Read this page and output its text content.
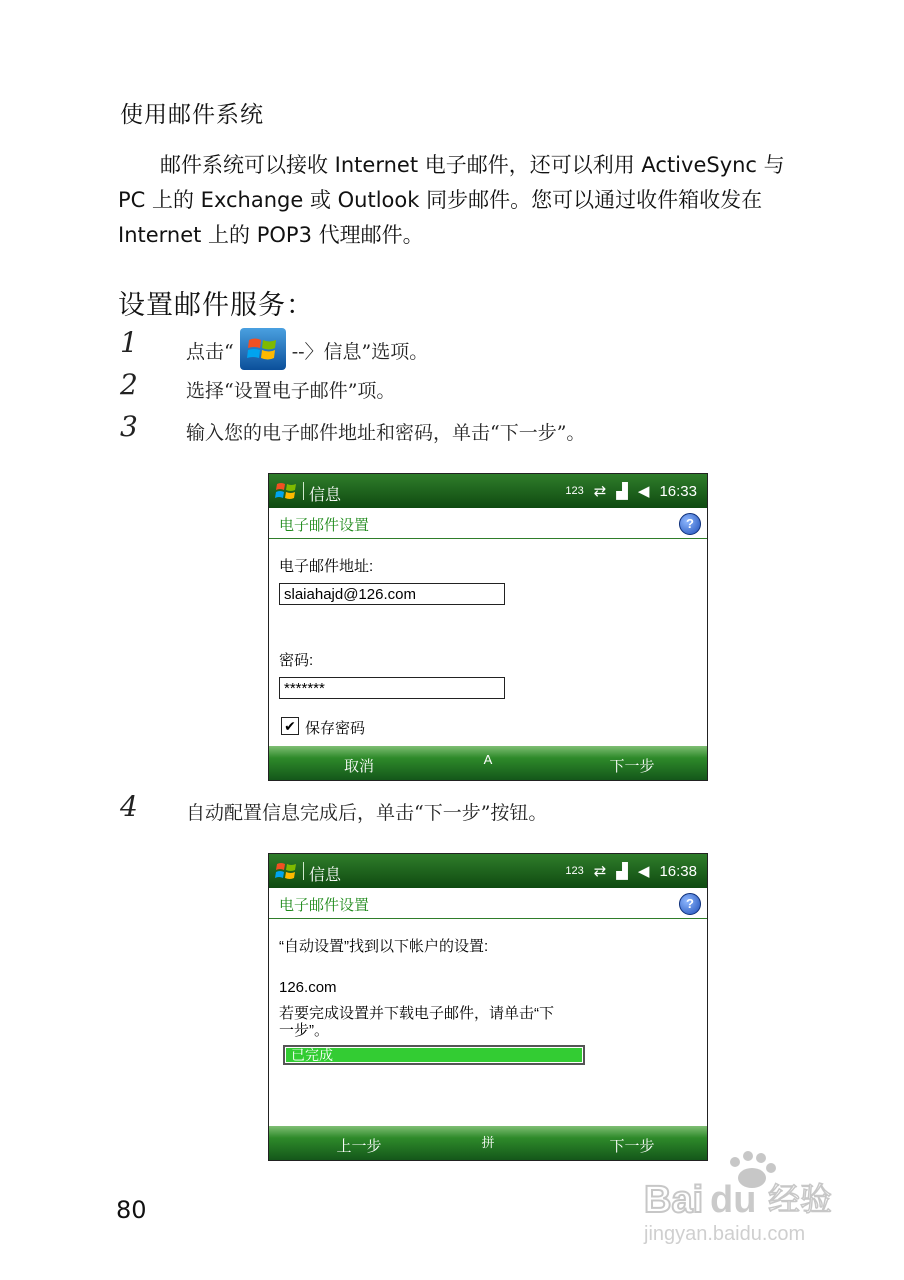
使用邮件系统
邮件系统可以接收 Internet 电子邮件，还可以利用 ActiveSync 与
PC 上的 Exchange 或 Outlook 同步邮件。您可以通过收件箱收发在
Internet 上的 POP3 代理邮件。
设置邮件服务：
1	点击“	--〉信息”选项。
2	选择“设置电子邮件”项。
3	输入您的电子邮件地址和密码，单击“下一步”。
信息	123 ⇄ ▟ ◀ 16:33
电子邮件设置	?
电子邮件地址:
slaiahajd@126.com
密码:
*******
✔ 保存密码
取消	A	下一步
4	自动配置信息完成后，单击“下一步”按钮。
信息	123 ⇄ ▟ ◀ 16:38
电子邮件设置	?
“自动设置”找到以下帐户的设置:
126.com
若要完成设置并下载电子邮件，请单击“下
一步”。
已完成
上一步	拼	下一步
80	Bai du 经验
jingyan.baidu.com
